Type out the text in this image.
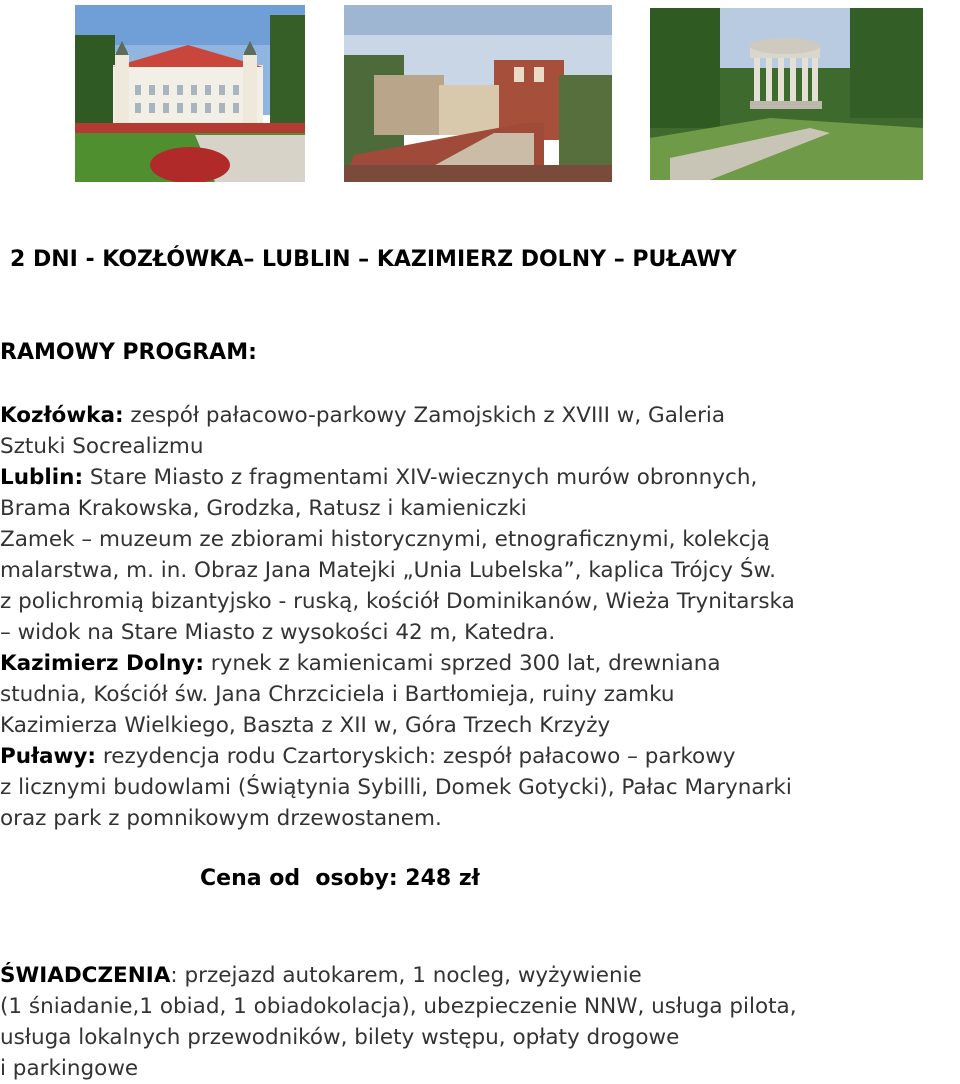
2 DNI - KOZŁÓWKA– LUBLIN – KAZIMIERZ DOLNY – PUŁAWY
RAMOWY PROGRAM:
Kozłówka: zespół pałacowo-parkowy Zamojskich z XVIII w, Galeria
Sztuki Socrealizmu
Lublin: Stare Miasto z fragmentami XIV-wiecznych murów obronnych,
Brama Krakowska, Grodzka, Ratusz i kamieniczki
Zamek – muzeum ze zbiorami historycznymi, etnograficznymi, kolekcją
malarstwa, m. in. Obraz Jana Matejki „Unia Lubelska”, kaplica Trójcy Św.
z polichromią bizantyjsko - ruską, kościół Dominikanów, Wieża Trynitarska
– widok na Stare Miasto z wysokości 42 m, Katedra.
Kazimierz Dolny: rynek z kamienicami sprzed 300 lat, drewniana
studnia, Kościół św. Jana Chrzciciela i Bartłomieja, ruiny zamku
Kazimierza Wielkiego, Baszta z XII w, Góra Trzech Krzyży
Puławy: rezydencja rodu Czartoryskich: zespół pałacowo – parkowy
z licznymi budowlami (Świątynia Sybilli, Domek Gotycki), Pałac Marynarki
oraz park z pomnikowym drzewostanem.
Cena od  osoby: 248 zł
ŚWIADCZENIA: przejazd autokarem, 1 nocleg, wyżywienie
(1 śniadanie,1 obiad, 1 obiadokolacja), ubezpieczenie NNW, usługa pilota,
usługa lokalnych przewodników, bilety wstępu, opłaty drogowe
i parkingowe
